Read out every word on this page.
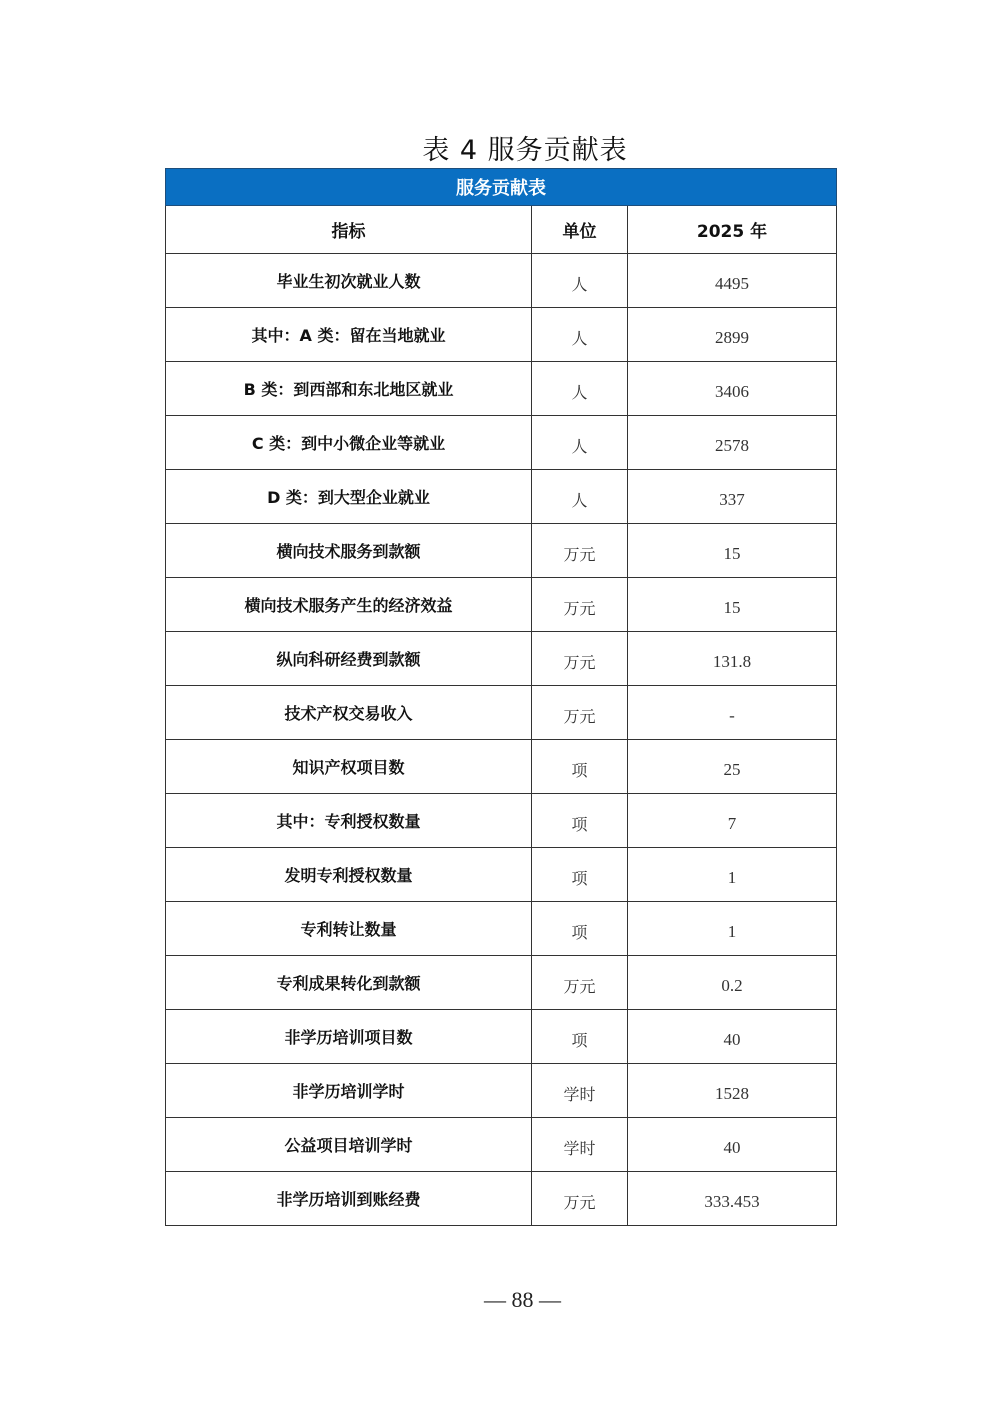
表 4 服务贡献表
服务贡献表		
指标	单位	2025 年
毕业生初次就业人数	人	4495
其中：A 类：留在当地就业	人	2899
B 类：到西部和东北地区就业	人	3406
C 类：到中小微企业等就业	人	2578
D 类：到大型企业就业	人	337
横向技术服务到款额	万元	15
横向技术服务产生的经济效益	万元	15
纵向科研经费到款额	万元	131.8
技术产权交易收入	万元	-
知识产权项目数	项	25
其中：专利授权数量	项	7
发明专利授权数量	项	1
专利转让数量	项	1
专利成果转化到款额	万元	0.2
非学历培训项目数	项	40
非学历培训学时	学时	1528
公益项目培训学时	学时	40
非学历培训到账经费	万元	333.453
— 88 —
